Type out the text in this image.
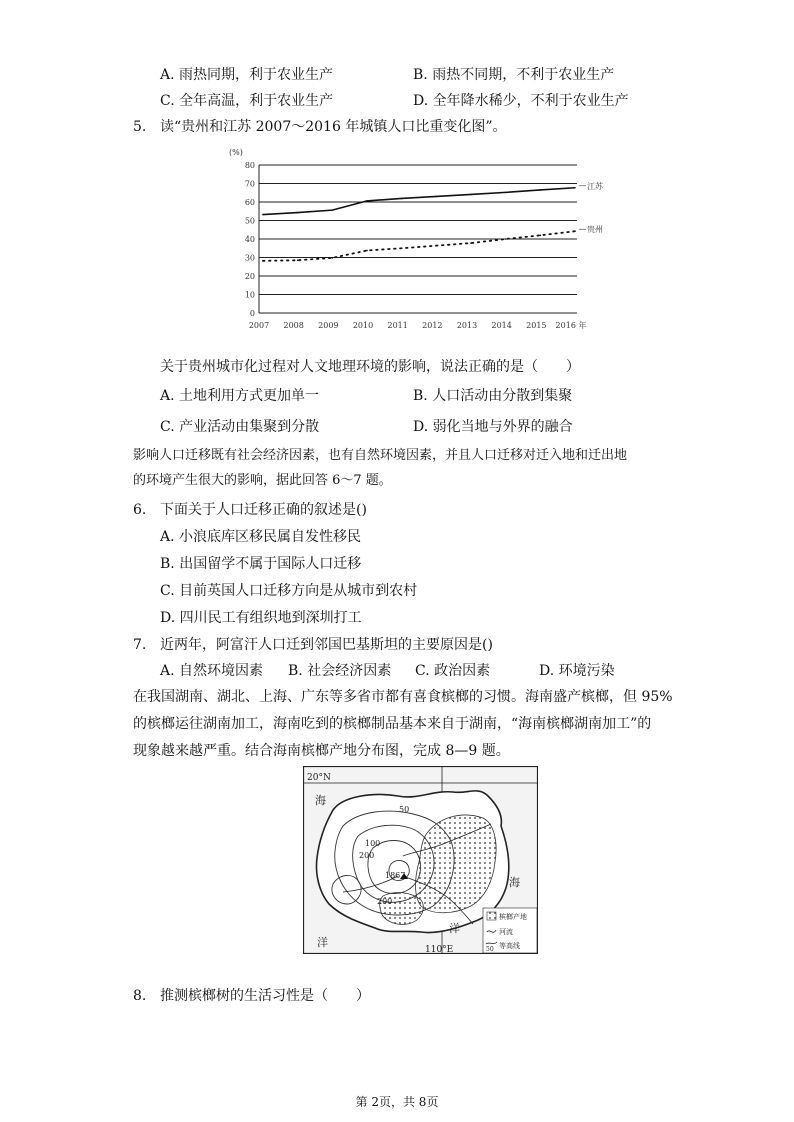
A. 雨热同期，利于农业生产	B. 雨热不同期，不利于农业生产
C. 全年高温，利于农业生产	D. 全年降水稀少，不利于农业生产
5. 读“贵州和江苏 2007～2016 年城镇人口比重变化图”。
0
10
20
30
40
50
60
70
80
2007 2008 2009 2010 2011 2012 2013 2014 2015 2016 年
江苏
贵州
(%)
关于贵州城市化过程对人文地理环境的影响，说法正确的是（　　）
A. 土地利用方式更加单一	B. 人口活动由分散到集聚
C. 产业活动由集聚到分散	D. 弱化当地与外界的融合
影响人口迁移既有社会经济因素，也有自然环境因素，并且人口迁移对迁入地和迁出地
的环境产生很大的影响，据此回答 6～7 题。
6. 下面关于人口迁移正确的叙述是()
A. 小浪底库区移民属自发性移民
B. 出国留学不属于国际人口迁移
C. 目前英国人口迁移方向是从城市到农村
D. 四川民工有组织地到深圳打工
7. 近两年，阿富汗人口迁到邻国巴基斯坦的主要原因是()
A. 自然环境因素 B. 社会经济因素 C. 政治因素	D. 环境污染
在我国湖南、湖北、上海、广东等多省市都有喜食槟榔的习惯。海南盛产槟榔，但 95%
的槟榔运往湖南加工，海南吃到的槟榔制品基本来自于湖南，“海南槟榔湖南加工”的
现象越来越严重。结合海南槟榔产地分布图，完成 8—9 题。
20°N
110°E
海
洋
海
洋
50
100
200
200
1867
槟榔产地
河流
50 等高线
8. 推测槟榔树的生活习性是（　　）
第 2页，共 8页
